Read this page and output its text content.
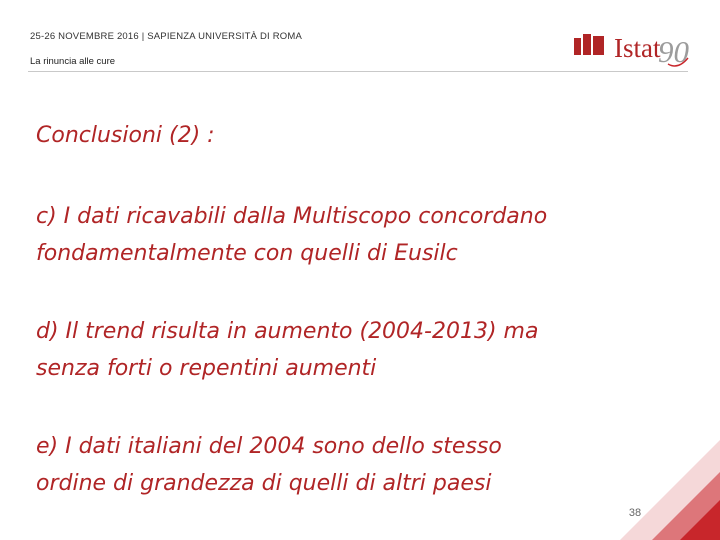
25-26 NOVEMBRE 2016 | SAPIENZA UNIVERSITÀ DI ROMA
La rinuncia alle cure	Istat
90
Conclusioni (2) :

c) I dati ricavabili dalla Multiscopo concordano
fondamentalmente con quelli di Eusilc

d) Il trend risulta in aumento (2004-2013) ma
senza forti o repentini aumenti

e) I dati italiani del 2004 sono dello stesso
ordine di grandezza di quelli di altri paesi

38
